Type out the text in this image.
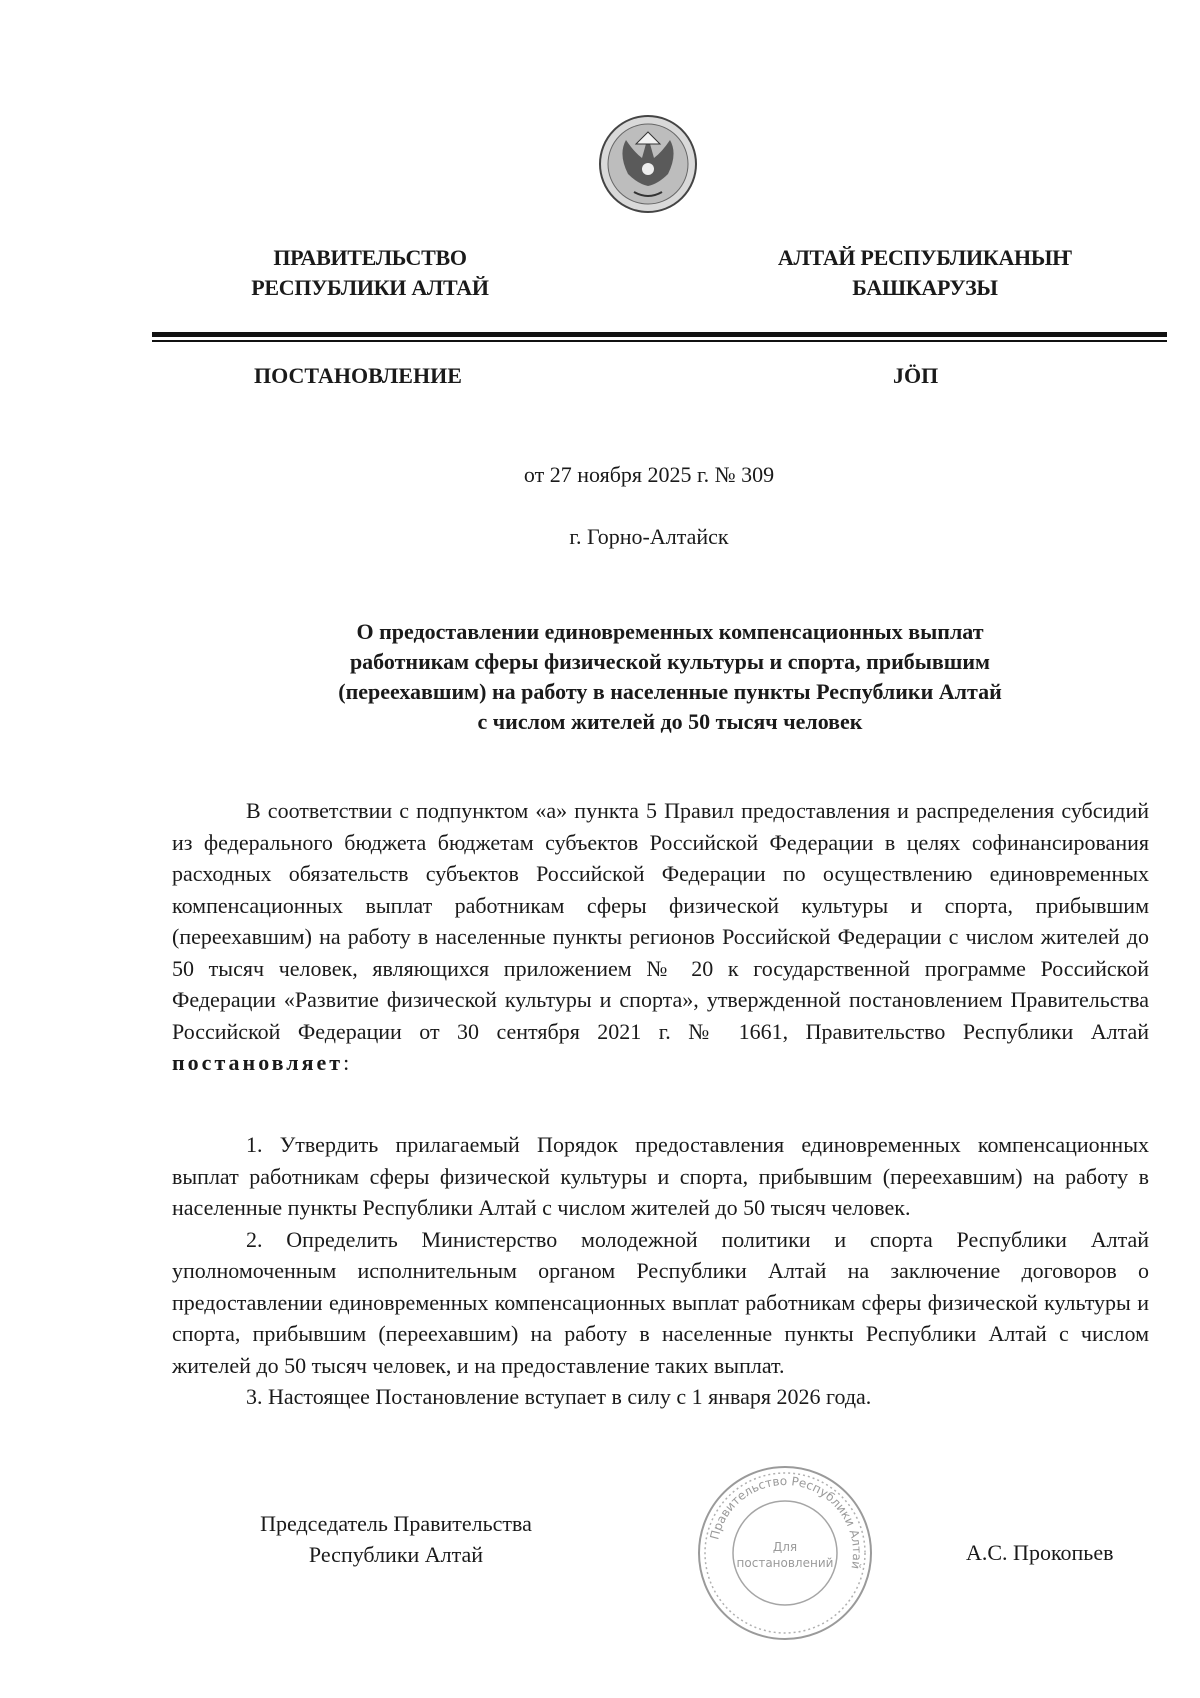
ПРАВИТЕЛЬСТВО
РЕСПУБЛИКИ АЛТАЙ
АЛТАЙ РЕСПУБЛИКАНЫҤ
БАШКАРУЗЫ
ПОСТАНОВЛЕНИЕ	JӦП
от 27 ноября 2025 г. № 309
г. Горно-Алтайск
О предоставлении единовременных компенсационных выплат
работникам сферы физической культуры и спорта, прибывшим
(переехавшим) на работу в населенные пункты Республики Алтай
с числом жителей до 50 тысяч человек

В соответствии с подпунктом «а» пункта 5 Правил предоставления и распределения субсидий из федерального бюджета бюджетам субъектов Российской Федерации в целях софинансирования расходных обязательств субъектов Российской Федерации по осуществлению единовременных компенсационных выплат работникам сферы физической культуры и спорта, прибывшим (переехавшим) на работу в населенные пункты регионов Российской Федерации с числом жителей до 50 тысяч человек, являющихся приложением № 20 к государственной программе Российской Федерации «Развитие физической культуры и спорта», утвержденной постановлением Правительства Российской Федерации от 30 сентября 2021 г. № 1661, Правительство Республики Алтай постановляет:

1. Утвердить прилагаемый Порядок предоставления единовременных компенсационных выплат работникам сферы физической культуры и спорта, прибывшим (переехавшим) на работу в населенные пункты Республики Алтай с числом жителей до 50 тысяч человек.

2. Определить Министерство молодежной политики и спорта Республики Алтай уполномоченным исполнительным органом Республики Алтай на заключение договоров о предоставлении единовременных компенсационных выплат работникам сферы физической культуры и спорта, прибывшим (переехавшим) на работу в населенные пункты Республики Алтай с числом жителей до 50 тысяч человек, и на предоставление таких выплат.

3. Настоящее Постановление вступает в силу с 1 января 2026 года.

Председатель Правительства
Республики Алтай	А.С. Прокопьев
Правительство Республики Алтай
Для
постановлений
